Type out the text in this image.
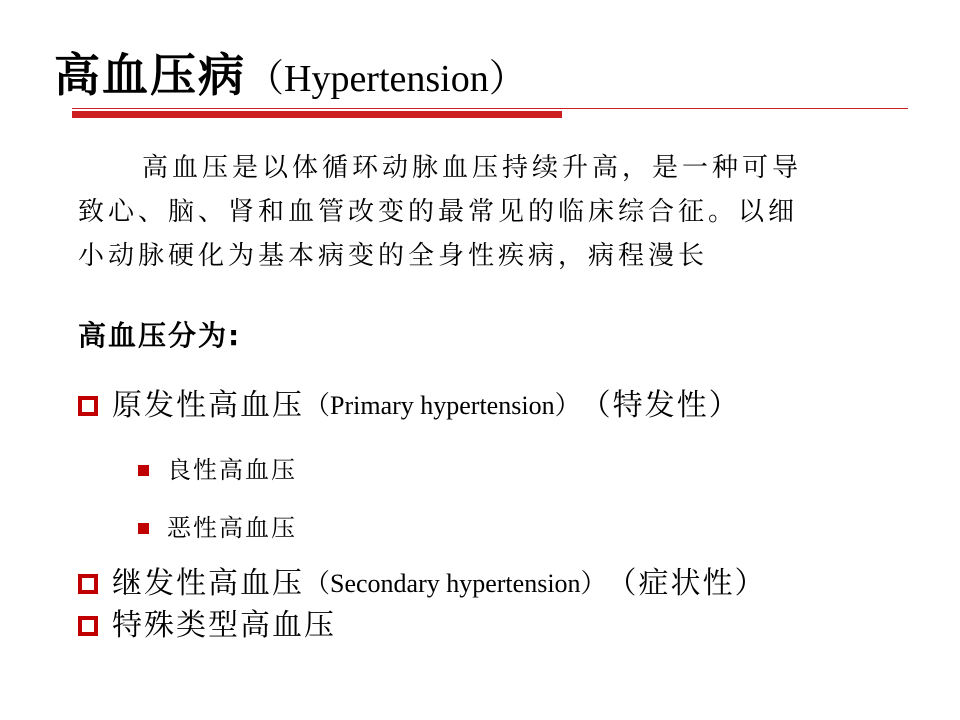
高血压病（Hypertension）
高血压是以体循环动脉血压持续升高，是一种可导
致心、脑、肾和血管改变的最常见的临床综合征。以细
小动脉硬化为基本病变的全身性疾病，病程漫长
高血压分为:
原发性高血压 （Primary hypertension） （特发性）
良性高血压
恶性高血压
继发性高血压 （Secondary hypertension） （症状性）
特殊类型高血压
